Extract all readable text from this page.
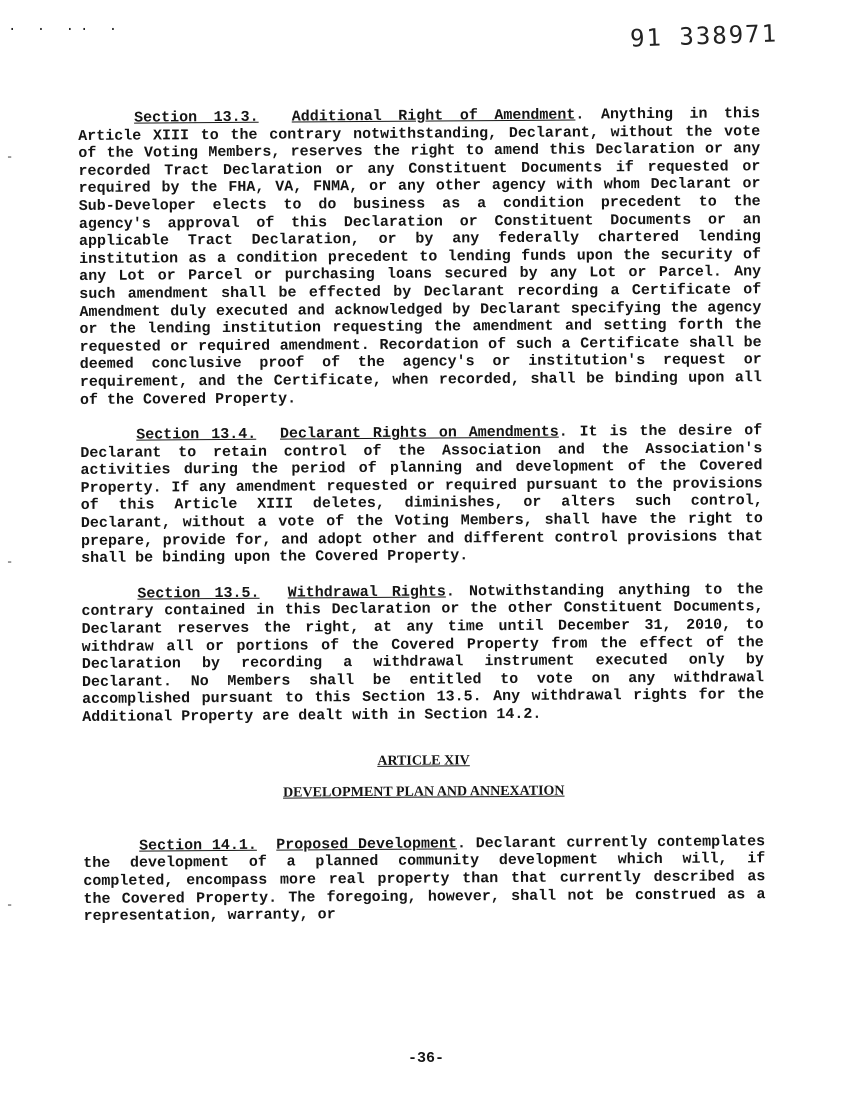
· · ·· ·	91 338971
-
-
-

Section 13.3. Additional Right of Amendment. Anything in this Article XIII to the contrary notwithstanding, Declarant, without the vote of the Voting Members, reserves the right to amend this Declaration or any recorded Tract Declaration or any Constituent Documents if requested or required by the FHA, VA, FNMA, or any other agency with whom Declarant or Sub-Developer elects to do business as a condition precedent to the agency's approval of this Declaration or Constituent Documents or an applicable Tract Declaration, or by any federally chartered lending institution as a condition precedent to lending funds upon the security of any Lot or Parcel or purchasing loans secured by any Lot or Parcel. Any such amendment shall be effected by Declarant recording a Certificate of Amendment duly executed and acknowledged by Declarant specifying the agency or the lending institution requesting the amendment and setting forth the requested or required amendment. Recordation of such a Certificate shall be deemed conclusive proof of the agency's or institution's request or requirement, and the Certificate, when recorded, shall be binding upon all of the Covered Property.

Section 13.4. Declarant Rights on Amendments. It is the desire of Declarant to retain control of the Association and the Association's activities during the period of planning and development of the Covered Property. If any amendment requested or required pursuant to the provisions of this Article XIII deletes, diminishes, or alters such control, Declarant, without a vote of the Voting Members, shall have the right to prepare, provide for, and adopt other and different control provisions that shall be binding upon the Covered Property.

Section 13.5. Withdrawal Rights. Notwithstanding anything to the contrary contained in this Declaration or the other Constituent Documents, Declarant reserves the right, at any time until December 31, 2010, to withdraw all or portions of the Covered Property from the effect of the Declaration by recording a withdrawal instrument executed only by Declarant. No Members shall be entitled to vote on any withdrawal accomplished pursuant to this Section 13.5. Any withdrawal rights for the Additional Property are dealt with in Section 14.2.

ARTICLE XIV
DEVELOPMENT PLAN AND ANNEXATION

Section 14.1. Proposed Development. Declarant currently contemplates the development of a planned community development which will, if completed, encompass more real property than that currently described as the Covered Property. The foregoing, however, shall not be construed as a representation, warranty, or

-36-
